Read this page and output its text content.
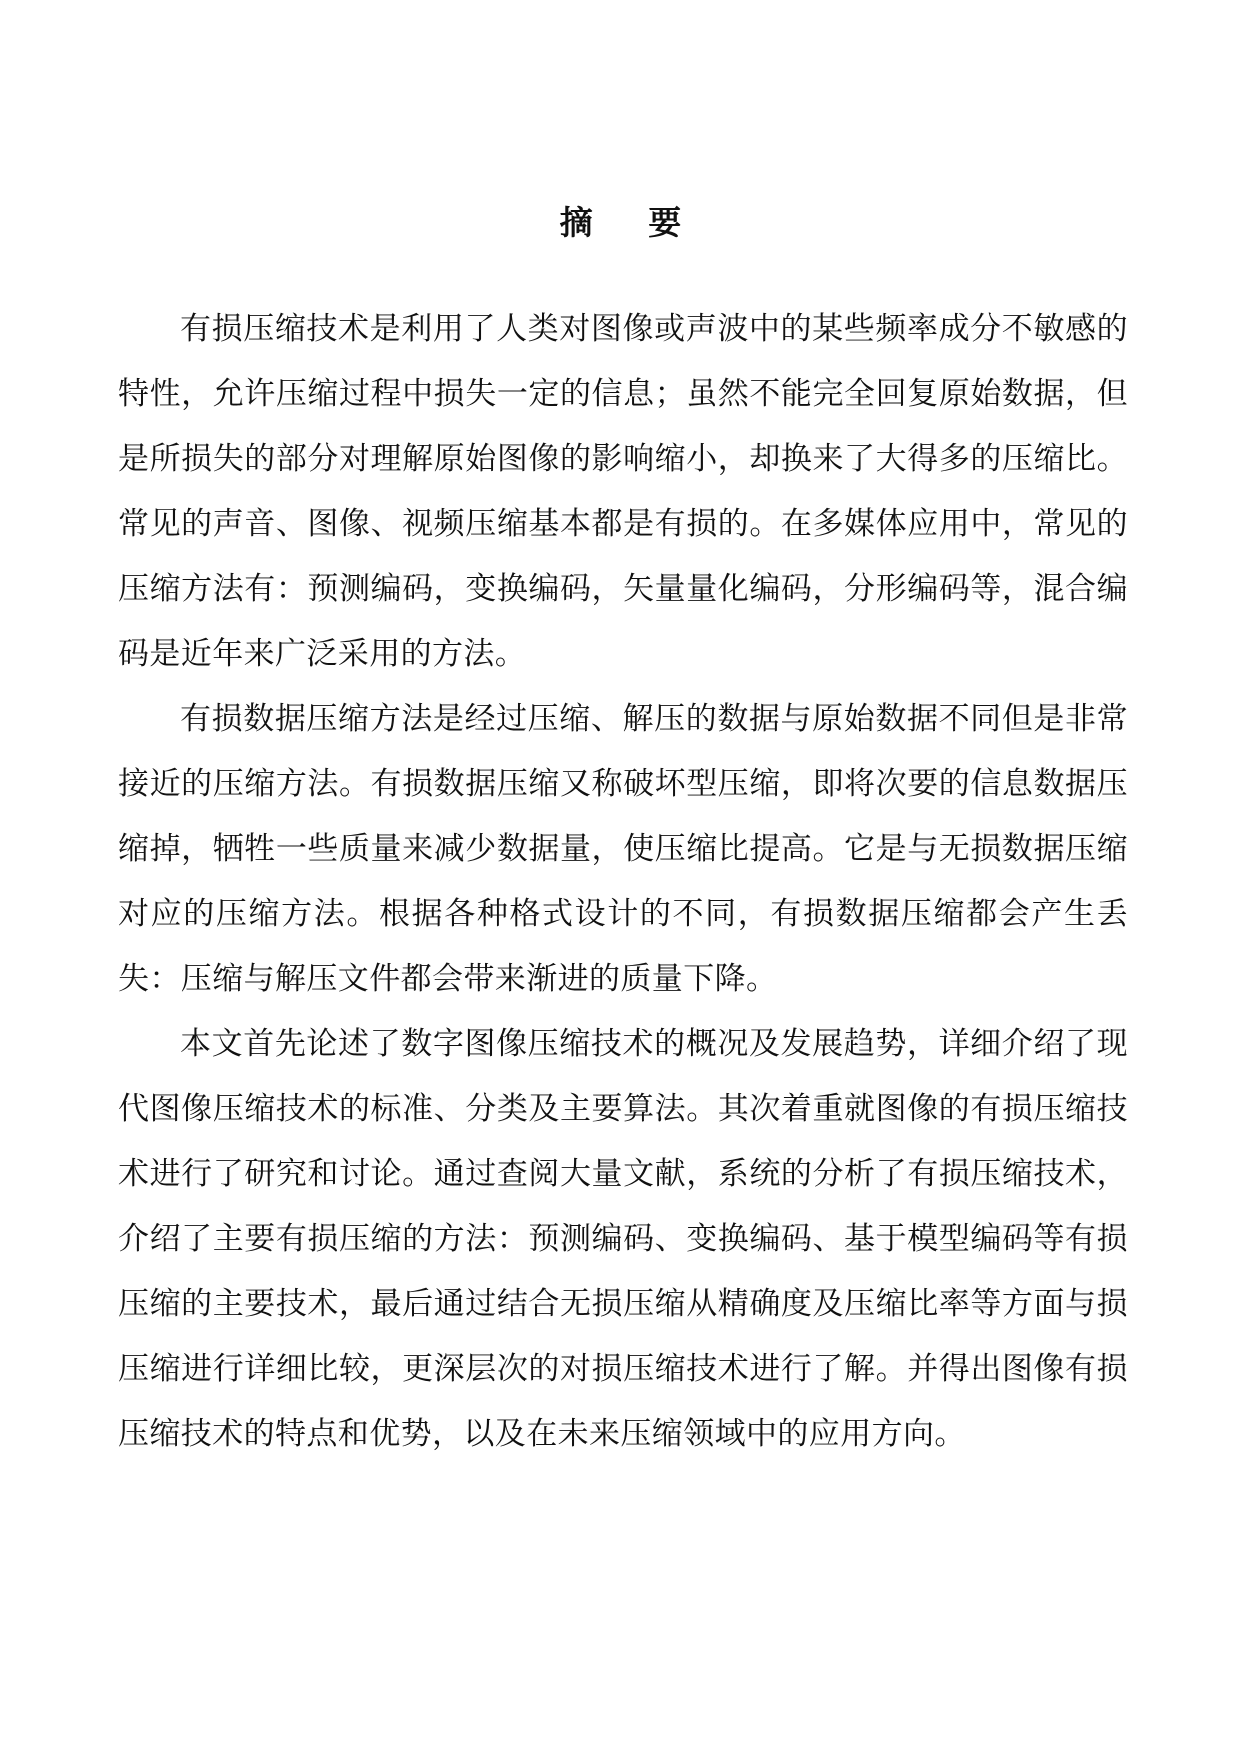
摘 要

有损压缩技术是利用了人类对图像或声波中的某些频率成分不敏感的特性，允许压缩过程中损失一定的信息；虽然不能完全回复原始数据，但是所损失的部分对理解原始图像的影响缩小，却换来了大得多的压缩比。常见的声音、图像、视频压缩基本都是有损的。在多媒体应用中，常见的压缩方法有：预测编码，变换编码，矢量量化编码，分形编码等，混合编码是近年来广泛采用的方法。

有损数据压缩方法是经过压缩、解压的数据与原始数据不同但是非常接近的压缩方法。有损数据压缩又称破坏型压缩，即将次要的信息数据压缩掉，牺牲一些质量来减少数据量，使压缩比提高。它是与无损数据压缩对应的压缩方法。根据各种格式设计的不同，有损数据压缩都会产生丢失：压缩与解压文件都会带来渐进的质量下降。

本文首先论述了数字图像压缩技术的概况及发展趋势，详细介绍了现代图像压缩技术的标准、分类及主要算法。其次着重就图像的有损压缩技术进行了研究和讨论。通过查阅大量文献，系统的分析了有损压缩技术，介绍了主要有损压缩的方法：预测编码、变换编码、基于模型编码等有损压缩的主要技术，最后通过结合无损压缩从精确度及压缩比率等方面与损压缩进行详细比较，更深层次的对损压缩技术进行了解。并得出图像有损压缩技术的特点和优势，以及在未来压缩领域中的应用方向。
